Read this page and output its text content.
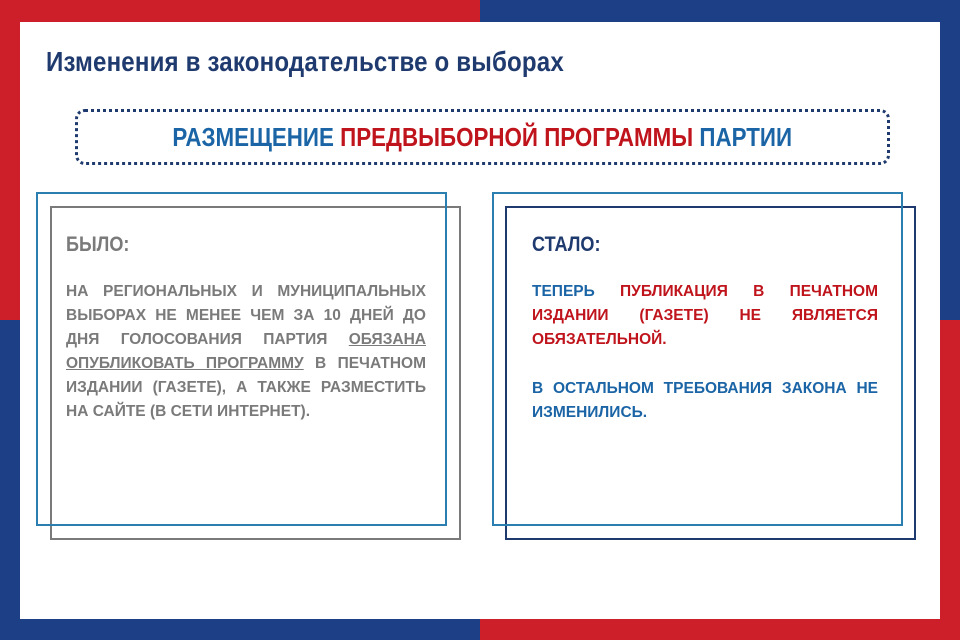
Изменения в законодательстве о выборах
РАЗМЕЩЕНИЕ ПРЕДВЫБОРНОЙ ПРОГРАММЫ ПАРТИИ
БЫЛО:
НА РЕГИОНАЛЬНЫХ И МУНИЦИПАЛЬНЫХ ВЫБОРАХ НЕ МЕНЕЕ ЧЕМ ЗА 10 ДНЕЙ ДО ДНЯ ГОЛОСОВАНИЯ ПАРТИЯ ОБЯЗАНА ОПУБЛИКОВАТЬ ПРОГРАММУ В ПЕЧАТНОМ ИЗДАНИИ (ГАЗЕТЕ), А ТАКЖЕ РАЗМЕСТИТЬ НА САЙТЕ (В СЕТИ ИНТЕРНЕТ).
СТАЛО:
ТЕПЕРЬ ПУБЛИКАЦИЯ В ПЕЧАТНОМ ИЗДАНИИ (ГАЗЕТЕ) НЕ ЯВЛЯЕТСЯ ОБЯЗАТЕЛЬНОЙ.
В ОСТАЛЬНОМ ТРЕБОВАНИЯ ЗАКОНА НЕ ИЗМЕНИЛИСЬ.
